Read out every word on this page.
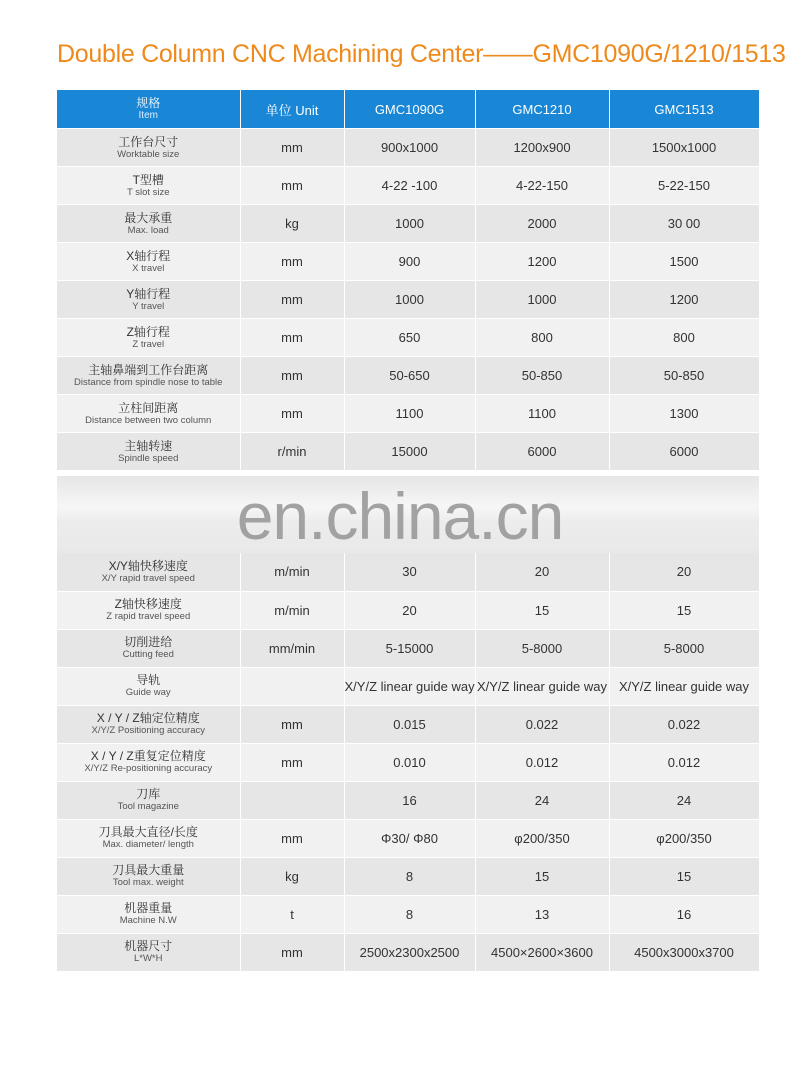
Double Column CNC Machining Center——GMC1090G/1210/1513
规格
Item	单位 Unit	GMC1090G	GMC1210	GMC1513

工作台尺寸
Worktable size	mm	900x1000	1200x900	1500x1000

T型槽
T slot size	mm	4-22 -100	4-22-150	5-22-150

最大承重
Max. load	kg	1000	2000	30 00

X轴行程
X travel	mm	900	1200	1500

Y轴行程
Y travel	mm	1000	1000	1200

Z轴行程
Z travel	mm	650	800	800

主轴鼻端到工作台距离
Distance from spindle nose to table	mm	50-650	50-850	50-850

立柱间距离
Distance between two column	mm	1100	1100	1300

主轴转速
Spindle speed	r/min	15000	6000	6000
en.china.cn
X/Y轴快移速度
X/Y rapid travel speed	m/min	30	20	20

Z轴快移速度
Z rapid travel speed	m/min	20	15	15

切削进给
Cutting feed	mm/min	5-15000	5-8000	5-8000

导轨
Guide way		X/Y/Z linear guide way	X/Y/Z linear guide way	X/Y/Z linear guide way

X / Y / Z轴定位精度
X/Y/Z Positioning accuracy	mm	0.015	0.022	0.022

X / Y / Z重复定位精度
X/Y/Z Re-positioning accuracy	mm	0.010	0.012	0.012

刀库
Tool magazine		16	24	24

刀具最大直径/长度
Max. diameter/ length	mm	Φ30/ Φ80	φ200/350	φ200/350

刀具最大重量
Tool max. weight	kg	8	15	15

机器重量
Machine N.W	t	8	13	16

机器尺寸
L*W*H	mm	2500x2300x2500	4500×2600×3600	4500x3000x3700
